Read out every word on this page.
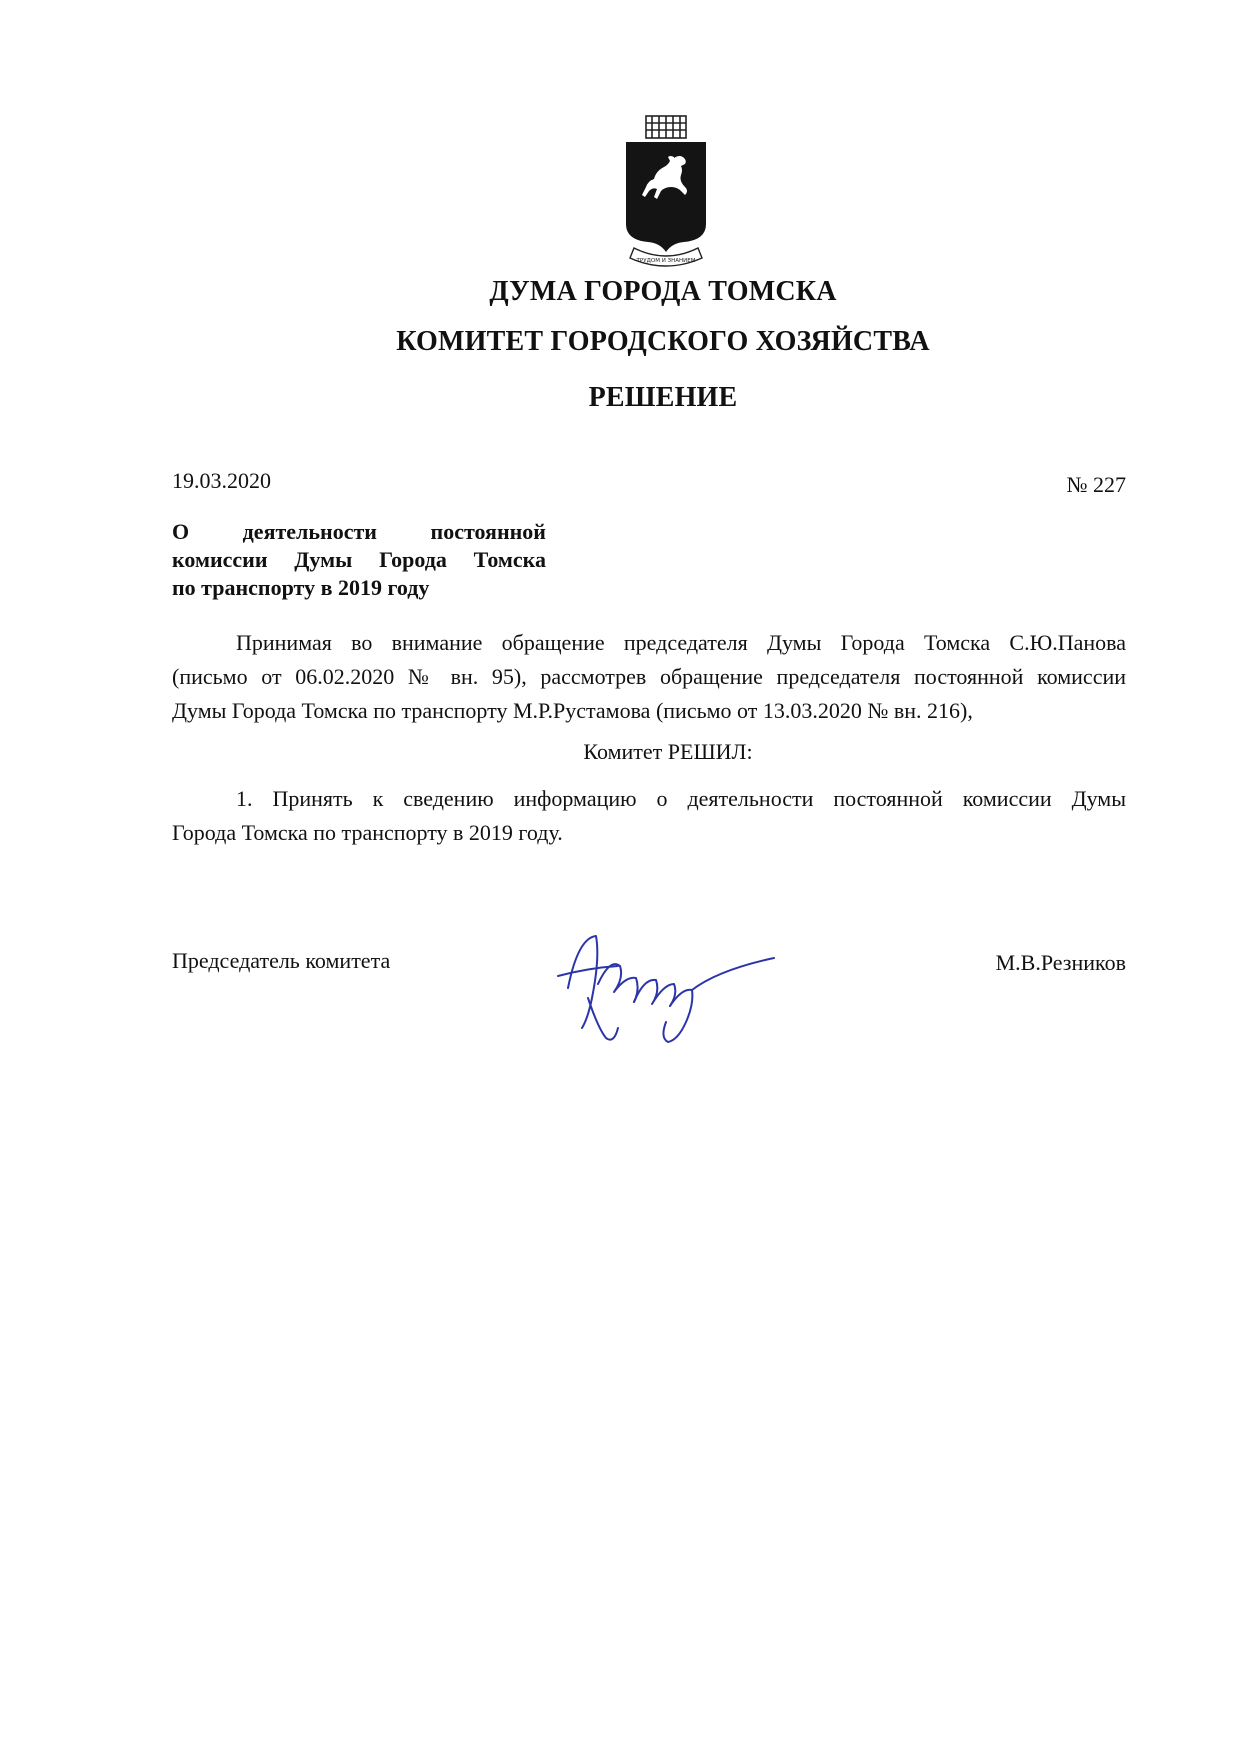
ТРУДОМ И ЗНАНИЕМ
ДУМА ГОРОДА ТОМСКА
КОМИТЕТ ГОРОДСКОГО ХОЗЯЙСТВА
РЕШЕНИЕ
19.03.2020	№ 227
О деятельности постоянной
комиссии Думы Города Томска
по транспорту в 2019 году
Принимая во внимание обращение председателя Думы Города Томска С.Ю.Панова
(письмо от 06.02.2020 № вн. 95), рассмотрев обращение председателя постоянной комиссии
Думы Города Томска по транспорту М.Р.Рустамова (письмо от 13.03.2020 № вн. 216),
Комитет РЕШИЛ:
1. Принять к сведению информацию о деятельности постоянной комиссии Думы
Города Томска по транспорту в 2019 году.
Председатель комитета	М.В.Резников
